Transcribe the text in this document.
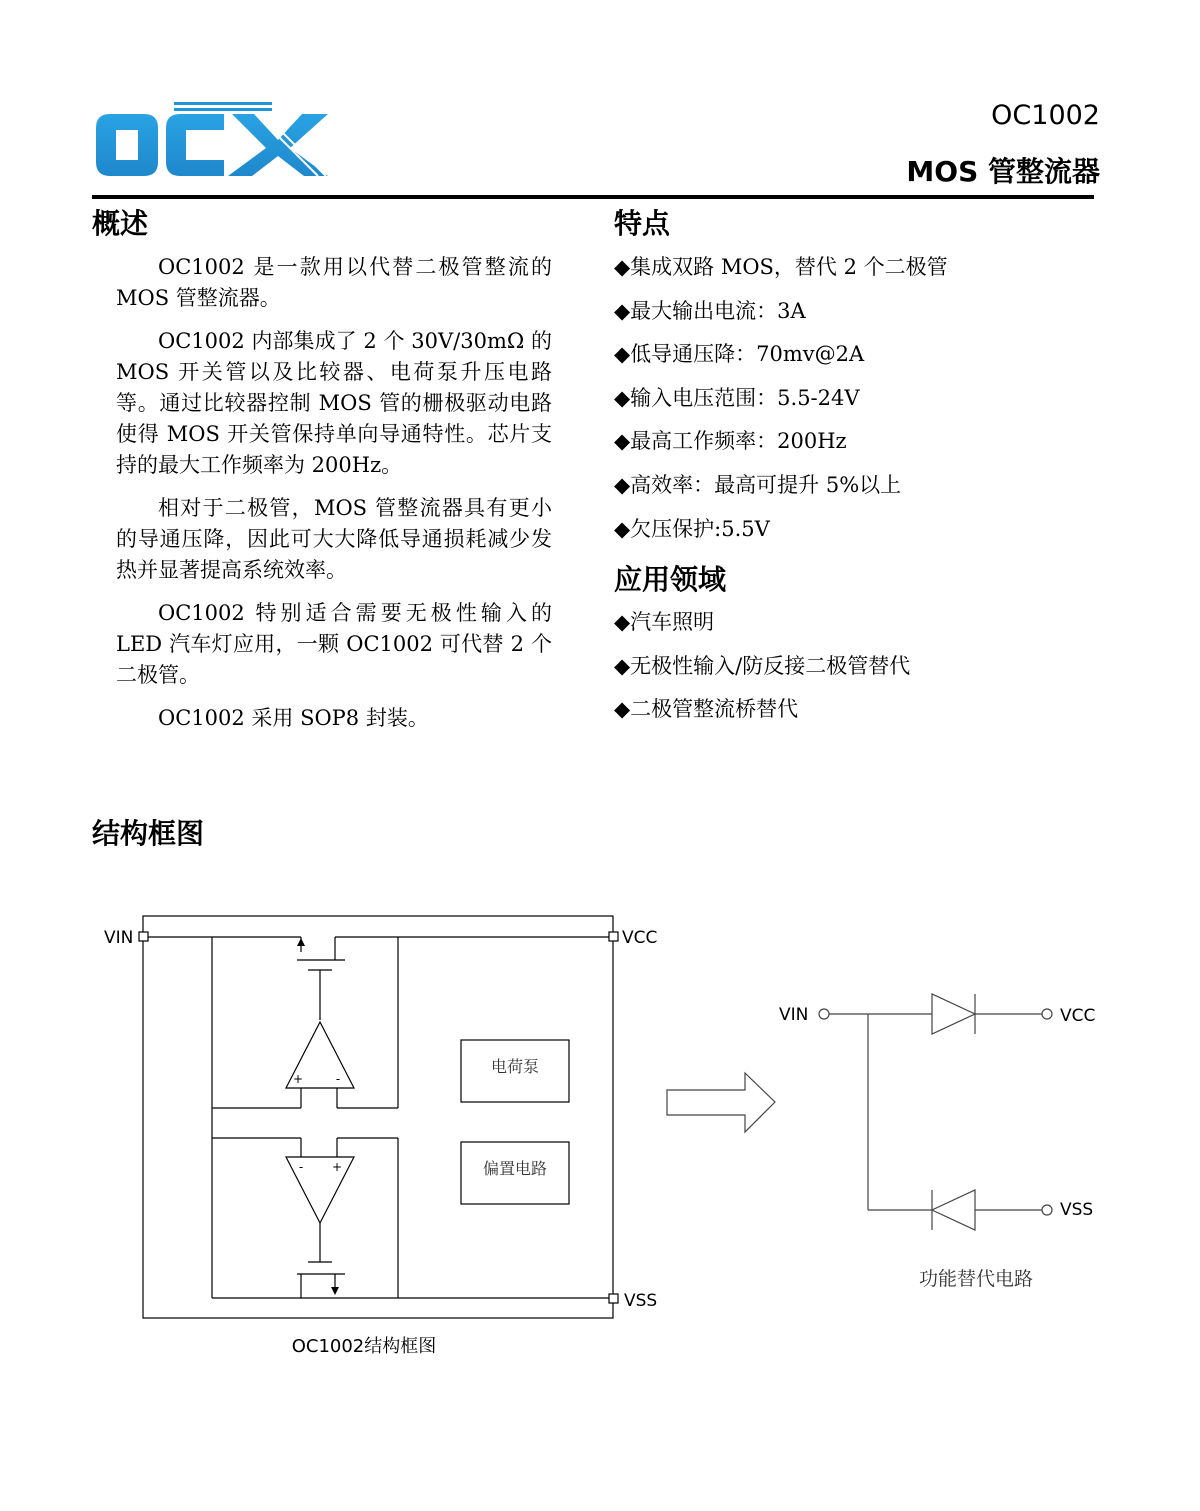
OC1002
MOS 管整流器
概述

OC1002 是一款用以代替二极管整流的 MOS 管整流器。

OC1002 内部集成了 2 个 30V/30mΩ 的 MOS 开关管以及比较器、电荷泵升压电路等。通过比较器控制 MOS 管的栅极驱动电路使得 MOS 开关管保持单向导通特性。芯片支持的最大工作频率为 200Hz。

相对于二极管，MOS 管整流器具有更小的导通压降，因此可大大降低导通损耗减少发热并显著提高系统效率。

OC1002 特别适合需要无极性输入的 LED 汽车灯应用，一颗 OC1002 可代替 2 个二极管。

OC1002 采用 SOP8 封装。

特点
◆集成双路 MOS，替代 2 个二极管
◆最大输出电流：3A
◆低导通压降：70mv@2A
◆输入电压范围：5.5-24V
◆最高工作频率：200Hz
◆高效率：最高可提升 5%以上
◆欠压保护:5.5V
应用领域
◆汽车照明
◆无极性输入/防反接二极管替代
◆二极管整流桥替代
结构框图
+	-
- +
VIN	VCC
VSS
电荷泵
偏置电路
OC1002结构框图
VIN	VCC
VSS
功能替代电路
